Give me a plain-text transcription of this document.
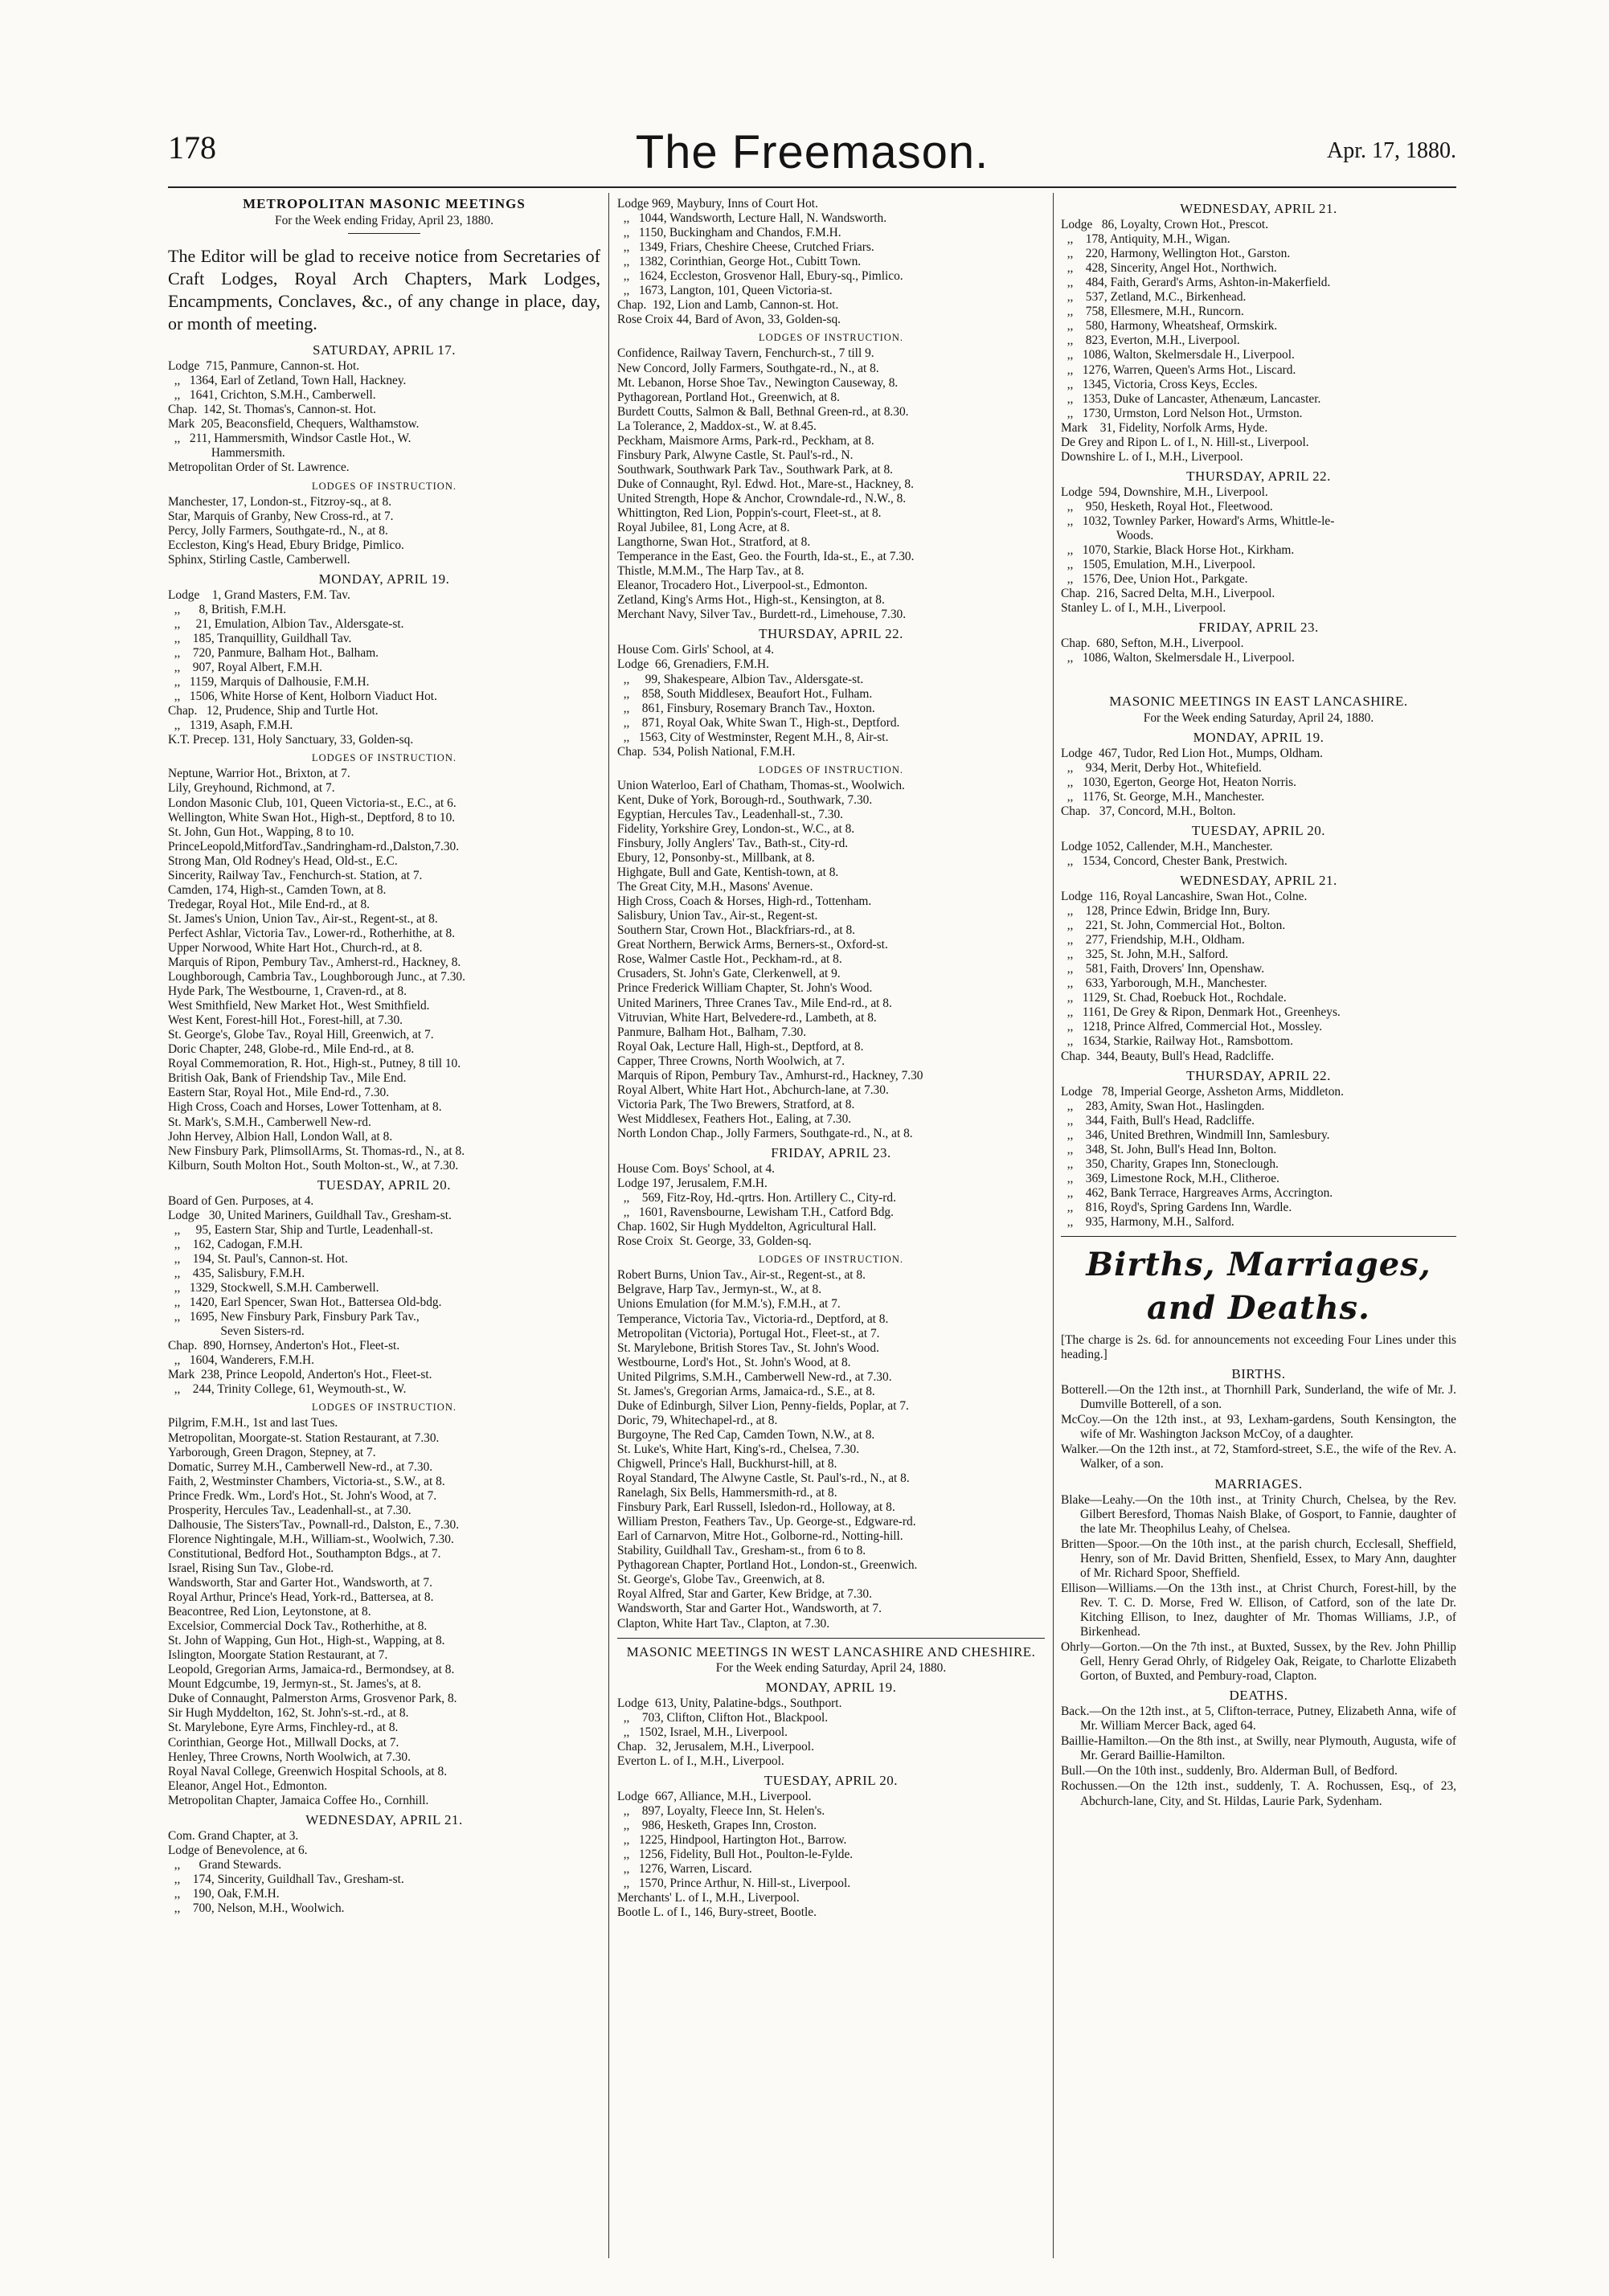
178	The Freemason.	Apr. 17, 1880.
METROPOLITAN MASONIC MEETINGS
For the Week ending Friday, April 23, 1880.
The Editor will be glad to receive notice from Secretaries of Craft Lodges, Royal Arch Chapters, Mark Lodges, Encampments, Conclaves, &c., of any change in place, day, or month of meeting.
SATURDAY, APRIL 17.
Lodge  715, Panmure, Cannon-st. Hot.
,,   1364, Earl of Zetland, Town Hall, Hackney.
,,   1641, Crichton, S.M.H., Camberwell.
Chap.  142, St. Thomas's, Cannon-st. Hot.
Mark  205, Beaconsfield, Chequers, Walthamstow.
,,   211, Hammersmith, Windsor Castle Hot., W.
Hammersmith.
Metropolitan Order of St. Lawrence.
LODGES OF INSTRUCTION.
Manchester, 17, London-st., Fitzroy-sq., at 8.
Star, Marquis of Granby, New Cross-rd., at 7.
Percy, Jolly Farmers, Southgate-rd., N., at 8.
Eccleston, King's Head, Ebury Bridge, Pimlico.
Sphinx, Stirling Castle, Camberwell.
MONDAY, APRIL 19.
Lodge    1, Grand Masters, F.M. Tav.
,,      8, British, F.M.H.
,,     21, Emulation, Albion Tav., Aldersgate-st.
,,    185, Tranquillity, Guildhall Tav.
,,    720, Panmure, Balham Hot., Balham.
,,    907, Royal Albert, F.M.H.
,,   1159, Marquis of Dalhousie, F.M.H.
,,   1506, White Horse of Kent, Holborn Viaduct Hot.
Chap.   12, Prudence, Ship and Turtle Hot.
,,   1319, Asaph, F.M.H.
K.T. Precep. 131, Holy Sanctuary, 33, Golden-sq.
LODGES OF INSTRUCTION.
Neptune, Warrior Hot., Brixton, at 7.
Lily, Greyhound, Richmond, at 7.
London Masonic Club, 101, Queen Victoria-st., E.C., at 6.
Wellington, White Swan Hot., High-st., Deptford, 8 to 10.
St. John, Gun Hot., Wapping, 8 to 10.
PrinceLeopold,MitfordTav.,Sandringham-rd.,Dalston,7.30.
Strong Man, Old Rodney's Head, Old-st., E.C.
Sincerity, Railway Tav., Fenchurch-st. Station, at 7.
Camden, 174, High-st., Camden Town, at 8.
Tredegar, Royal Hot., Mile End-rd., at 8.
St. James's Union, Union Tav., Air-st., Regent-st., at 8.
Perfect Ashlar, Victoria Tav., Lower-rd., Rotherhithe, at 8.
Upper Norwood, White Hart Hot., Church-rd., at 8.
Marquis of Ripon, Pembury Tav., Amherst-rd., Hackney, 8.
Loughborough, Cambria Tav., Loughborough Junc., at 7.30.
Hyde Park, The Westbourne, 1, Craven-rd., at 8.
West Smithfield, New Market Hot., West Smithfield.
West Kent, Forest-hill Hot., Forest-hill, at 7.30.
St. George's, Globe Tav., Royal Hill, Greenwich, at 7.
Doric Chapter, 248, Globe-rd., Mile End-rd., at 8.
Royal Commemoration, R. Hot., High-st., Putney, 8 till 10.
British Oak, Bank of Friendship Tav., Mile End.
Eastern Star, Royal Hot., Mile End-rd., 7.30.
High Cross, Coach and Horses, Lower Tottenham, at 8.
St. Mark's, S.M.H., Camberwell New-rd.
John Hervey, Albion Hall, London Wall, at 8.
New Finsbury Park, PlimsollArms, St. Thomas-rd., N., at 8.
Kilburn, South Molton Hot., South Molton-st., W., at 7.30.
TUESDAY, APRIL 20.
Board of Gen. Purposes, at 4.
Lodge   30, United Mariners, Guildhall Tav., Gresham-st.
,,     95, Eastern Star, Ship and Turtle, Leadenhall-st.
,,    162, Cadogan, F.M.H.
,,    194, St. Paul's, Cannon-st. Hot.
,,    435, Salisbury, F.M.H.
,,   1329, Stockwell, S.M.H. Camberwell.
,,   1420, Earl Spencer, Swan Hot., Battersea Old-bdg.
,,   1695, New Finsbury Park, Finsbury Park Tav.,
Seven Sisters-rd.
Chap.  890, Hornsey, Anderton's Hot., Fleet-st.
,,   1604, Wanderers, F.M.H.
Mark  238, Prince Leopold, Anderton's Hot., Fleet-st.
,,    244, Trinity College, 61, Weymouth-st., W.
LODGES OF INSTRUCTION.
Pilgrim, F.M.H., 1st and last Tues.
Metropolitan, Moorgate-st. Station Restaurant, at 7.30.
Yarborough, Green Dragon, Stepney, at 7.
Domatic, Surrey M.H., Camberwell New-rd., at 7.30.
Faith, 2, Westminster Chambers, Victoria-st., S.W., at 8.
Prince Fredk. Wm., Lord's Hot., St. John's Wood, at 7.
Prosperity, Hercules Tav., Leadenhall-st., at 7.30.
Dalhousie, The Sisters'Tav., Pownall-rd., Dalston, E., 7.30.
Florence Nightingale, M.H., William-st., Woolwich, 7.30.
Constitutional, Bedford Hot., Southampton Bdgs., at 7.
Israel, Rising Sun Tav., Globe-rd.
Wandsworth, Star and Garter Hot., Wandsworth, at 7.
Royal Arthur, Prince's Head, York-rd., Battersea, at 8.
Beacontree, Red Lion, Leytonstone, at 8.
Excelsior, Commercial Dock Tav., Rotherhithe, at 8.
St. John of Wapping, Gun Hot., High-st., Wapping, at 8.
Islington, Moorgate Station Restaurant, at 7.
Leopold, Gregorian Arms, Jamaica-rd., Bermondsey, at 8.
Mount Edgcumbe, 19, Jermyn-st., St. James's, at 8.
Duke of Connaught, Palmerston Arms, Grosvenor Park, 8.
Sir Hugh Myddelton, 162, St. John's-st.-rd., at 8.
St. Marylebone, Eyre Arms, Finchley-rd., at 8.
Corinthian, George Hot., Millwall Docks, at 7.
Henley, Three Crowns, North Woolwich, at 7.30.
Royal Naval College, Greenwich Hospital Schools, at 8.
Eleanor, Angel Hot., Edmonton.
Metropolitan Chapter, Jamaica Coffee Ho., Cornhill.
WEDNESDAY, APRIL 21.
Com. Grand Chapter, at 3.
Lodge of Benevolence, at 6.
,,      Grand Stewards.
,,    174, Sincerity, Guildhall Tav., Gresham-st.
,,    190, Oak, F.M.H.
,,    700, Nelson, M.H., Woolwich.
Lodge 969, Maybury, Inns of Court Hot.
,,   1044, Wandsworth, Lecture Hall, N. Wandsworth.
,,   1150, Buckingham and Chandos, F.M.H.
,,   1349, Friars, Cheshire Cheese, Crutched Friars.
,,   1382, Corinthian, George Hot., Cubitt Town.
,,   1624, Eccleston, Grosvenor Hall, Ebury-sq., Pimlico.
,,   1673, Langton, 101, Queen Victoria-st.
Chap.  192, Lion and Lamb, Cannon-st. Hot.
Rose Croix 44, Bard of Avon, 33, Golden-sq.
LODGES OF INSTRUCTION.
Confidence, Railway Tavern, Fenchurch-st., 7 till 9.
New Concord, Jolly Farmers, Southgate-rd., N., at 8.
Mt. Lebanon, Horse Shoe Tav., Newington Causeway, 8.
Pythagorean, Portland Hot., Greenwich, at 8.
Burdett Coutts, Salmon & Ball, Bethnal Green-rd., at 8.30.
La Tolerance, 2, Maddox-st., W. at 8.45.
Peckham, Maismore Arms, Park-rd., Peckham, at 8.
Finsbury Park, Alwyne Castle, St. Paul's-rd., N.
Southwark, Southwark Park Tav., Southwark Park, at 8.
Duke of Connaught, Ryl. Edwd. Hot., Mare-st., Hackney, 8.
United Strength, Hope & Anchor, Crowndale-rd., N.W., 8.
Whittington, Red Lion, Poppin's-court, Fleet-st., at 8.
Royal Jubilee, 81, Long Acre, at 8.
Langthorne, Swan Hot., Stratford, at 8.
Temperance in the East, Geo. the Fourth, Ida-st., E., at 7.30.
Thistle, M.M.M., The Harp Tav., at 8.
Eleanor, Trocadero Hot., Liverpool-st., Edmonton.
Zetland, King's Arms Hot., High-st., Kensington, at 8.
Merchant Navy, Silver Tav., Burdett-rd., Limehouse, 7.30.
THURSDAY, APRIL 22.
House Com. Girls' School, at 4.
Lodge  66, Grenadiers, F.M.H.
,,     99, Shakespeare, Albion Tav., Aldersgate-st.
,,    858, South Middlesex, Beaufort Hot., Fulham.
,,    861, Finsbury, Rosemary Branch Tav., Hoxton.
,,    871, Royal Oak, White Swan T., High-st., Deptford.
,,   1563, City of Westminster, Regent M.H., 8, Air-st.
Chap.  534, Polish National, F.M.H.
LODGES OF INSTRUCTION.
Union Waterloo, Earl of Chatham, Thomas-st., Woolwich.
Kent, Duke of York, Borough-rd., Southwark, 7.30.
Egyptian, Hercules Tav., Leadenhall-st., 7.30.
Fidelity, Yorkshire Grey, London-st., W.C., at 8.
Finsbury, Jolly Anglers' Tav., Bath-st., City-rd.
Ebury, 12, Ponsonby-st., Millbank, at 8.
Highgate, Bull and Gate, Kentish-town, at 8.
The Great City, M.H., Masons' Avenue.
High Cross, Coach & Horses, High-rd., Tottenham.
Salisbury, Union Tav., Air-st., Regent-st.
Southern Star, Crown Hot., Blackfriars-rd., at 8.
Great Northern, Berwick Arms, Berners-st., Oxford-st.
Rose, Walmer Castle Hot., Peckham-rd., at 8.
Crusaders, St. John's Gate, Clerkenwell, at 9.
Prince Frederick William Chapter, St. John's Wood.
United Mariners, Three Cranes Tav., Mile End-rd., at 8.
Vitruvian, White Hart, Belvedere-rd., Lambeth, at 8.
Panmure, Balham Hot., Balham, 7.30.
Royal Oak, Lecture Hall, High-st., Deptford, at 8.
Capper, Three Crowns, North Woolwich, at 7.
Marquis of Ripon, Pembury Tav., Amhurst-rd., Hackney, 7.30
Royal Albert, White Hart Hot., Abchurch-lane, at 7.30.
Victoria Park, The Two Brewers, Stratford, at 8.
West Middlesex, Feathers Hot., Ealing, at 7.30.
North London Chap., Jolly Farmers, Southgate-rd., N., at 8.
FRIDAY, APRIL 23.
House Com. Boys' School, at 4.
Lodge 197, Jerusalem, F.M.H.
,,    569, Fitz-Roy, Hd.-qrtrs. Hon. Artillery C., City-rd.
,,   1601, Ravensbourne, Lewisham T.H., Catford Bdg.
Chap. 1602, Sir Hugh Myddelton, Agricultural Hall.
Rose Croix  St. George, 33, Golden-sq.
LODGES OF INSTRUCTION.
Robert Burns, Union Tav., Air-st., Regent-st., at 8.
Belgrave, Harp Tav., Jermyn-st., W., at 8.
Unions Emulation (for M.M.'s), F.M.H., at 7.
Temperance, Victoria Tav., Victoria-rd., Deptford, at 8.
Metropolitan (Victoria), Portugal Hot., Fleet-st., at 7.
St. Marylebone, British Stores Tav., St. John's Wood.
Westbourne, Lord's Hot., St. John's Wood, at 8.
United Pilgrims, S.M.H., Camberwell New-rd., at 7.30.
St. James's, Gregorian Arms, Jamaica-rd., S.E., at 8.
Duke of Edinburgh, Silver Lion, Penny-fields, Poplar, at 7.
Doric, 79, Whitechapel-rd., at 8.
Burgoyne, The Red Cap, Camden Town, N.W., at 8.
St. Luke's, White Hart, King's-rd., Chelsea, 7.30.
Chigwell, Prince's Hall, Buckhurst-hill, at 8.
Royal Standard, The Alwyne Castle, St. Paul's-rd., N., at 8.
Ranelagh, Six Bells, Hammersmith-rd., at 8.
Finsbury Park, Earl Russell, Isledon-rd., Holloway, at 8.
William Preston, Feathers Tav., Up. George-st., Edgware-rd.
Earl of Carnarvon, Mitre Hot., Golborne-rd., Notting-hill.
Stability, Guildhall Tav., Gresham-st., from 6 to 8.
Pythagorean Chapter, Portland Hot., London-st., Greenwich.
St. George's, Globe Tav., Greenwich, at 8.
Royal Alfred, Star and Garter, Kew Bridge, at 7.30.
Wandsworth, Star and Garter Hot., Wandsworth, at 7.
Clapton, White Hart Tav., Clapton, at 7.30.
MASONIC MEETINGS IN WEST LANCASHIRE AND CHESHIRE.
For the Week ending Saturday, April 24, 1880.
MONDAY, APRIL 19.
Lodge  613, Unity, Palatine-bdgs., Southport.
,,    703, Clifton, Clifton Hot., Blackpool.
,,   1502, Israel, M.H., Liverpool.
Chap.   32, Jerusalem, M.H., Liverpool.
Everton L. of I., M.H., Liverpool.
TUESDAY, APRIL 20.
Lodge  667, Alliance, M.H., Liverpool.
,,    897, Loyalty, Fleece Inn, St. Helen's.
,,    986, Hesketh, Grapes Inn, Croston.
,,   1225, Hindpool, Hartington Hot., Barrow.
,,   1256, Fidelity, Bull Hot., Poulton-le-Fylde.
,,   1276, Warren, Liscard.
,,   1570, Prince Arthur, N. Hill-st., Liverpool.
Merchants' L. of I., M.H., Liverpool.
Bootle L. of I., 146, Bury-street, Bootle.
WEDNESDAY, APRIL 21.
Lodge   86, Loyalty, Crown Hot., Prescot.
,,    178, Antiquity, M.H., Wigan.
,,    220, Harmony, Wellington Hot., Garston.
,,    428, Sincerity, Angel Hot., Northwich.
,,    484, Faith, Gerard's Arms, Ashton-in-Makerfield.
,,    537, Zetland, M.C., Birkenhead.
,,    758, Ellesmere, M.H., Runcorn.
,,    580, Harmony, Wheatsheaf, Ormskirk.
,,    823, Everton, M.H., Liverpool.
,,   1086, Walton, Skelmersdale H., Liverpool.
,,   1276, Warren, Queen's Arms Hot., Liscard.
,,   1345, Victoria, Cross Keys, Eccles.
,,   1353, Duke of Lancaster, Athenæum, Lancaster.
,,   1730, Urmston, Lord Nelson Hot., Urmston.
Mark    31, Fidelity, Norfolk Arms, Hyde.
De Grey and Ripon L. of I., N. Hill-st., Liverpool.
Downshire L. of I., M.H., Liverpool.
THURSDAY, APRIL 22.
Lodge  594, Downshire, M.H., Liverpool.
,,    950, Hesketh, Royal Hot., Fleetwood.
,,   1032, Townley Parker, Howard's Arms, Whittle-le-
Woods.
,,   1070, Starkie, Black Horse Hot., Kirkham.
,,   1505, Emulation, M.H., Liverpool.
,,   1576, Dee, Union Hot., Parkgate.
Chap.  216, Sacred Delta, M.H., Liverpool.
Stanley L. of I., M.H., Liverpool.
FRIDAY, APRIL 23.
Chap.  680, Sefton, M.H., Liverpool.
,,   1086, Walton, Skelmersdale H., Liverpool.
MASONIC MEETINGS IN EAST LANCASHIRE.
For the Week ending Saturday, April 24, 1880.
MONDAY, APRIL 19.
Lodge  467, Tudor, Red Lion Hot., Mumps, Oldham.
,,    934, Merit, Derby Hot., Whitefield.
,,   1030, Egerton, George Hot, Heaton Norris.
,,   1176, St. George, M.H., Manchester.
Chap.   37, Concord, M.H., Bolton.
TUESDAY, APRIL 20.
Lodge 1052, Callender, M.H., Manchester.
,,   1534, Concord, Chester Bank, Prestwich.
WEDNESDAY, APRIL 21.
Lodge  116, Royal Lancashire, Swan Hot., Colne.
,,    128, Prince Edwin, Bridge Inn, Bury.
,,    221, St. John, Commercial Hot., Bolton.
,,    277, Friendship, M.H., Oldham.
,,    325, St. John, M.H., Salford.
,,    581, Faith, Drovers' Inn, Openshaw.
,,    633, Yarborough, M.H., Manchester.
,,   1129, St. Chad, Roebuck Hot., Rochdale.
,,   1161, De Grey & Ripon, Denmark Hot., Greenheys.
,,   1218, Prince Alfred, Commercial Hot., Mossley.
,,   1634, Starkie, Railway Hot., Ramsbottom.
Chap.  344, Beauty, Bull's Head, Radcliffe.
THURSDAY, APRIL 22.
Lodge   78, Imperial George, Assheton Arms, Middleton.
,,    283, Amity, Swan Hot., Haslingden.
,,    344, Faith, Bull's Head, Radcliffe.
,,    346, United Brethren, Windmill Inn, Samlesbury.
,,    348, St. John, Bull's Head Inn, Bolton.
,,    350, Charity, Grapes Inn, Stoneclough.
,,    369, Limestone Rock, M.H., Clitheroe.
,,    462, Bank Terrace, Hargreaves Arms, Accrington.
,,    816, Royd's, Spring Gardens Inn, Wardle.
,,    935, Harmony, M.H., Salford.
Births, Marriages, and Deaths.
[The charge is 2s. 6d. for announcements not exceeding Four Lines under this heading.]
BIRTHS.
Botterell.—On the 12th inst., at Thornhill Park, Sunderland, the wife of Mr. J. Dumville Botterell, of a son.
McCoy.—On the 12th inst., at 93, Lexham-gardens, South Kensington, the wife of Mr. Washington Jackson McCoy, of a daughter.
Walker.—On the 12th inst., at 72, Stamford-street, S.E., the wife of the Rev. A. Walker, of a son.
MARRIAGES.
Blake—Leahy.—On the 10th inst., at Trinity Church, Chelsea, by the Rev. Gilbert Beresford, Thomas Naish Blake, of Gosport, to Fannie, daughter of the late Mr. Theophilus Leahy, of Chelsea.
Britten—Spoor.—On the 10th inst., at the parish church, Ecclesall, Sheffield, Henry, son of Mr. David Britten, Shenfield, Essex, to Mary Ann, daughter of Mr. Richard Spoor, Sheffield.
Ellison—Williams.—On the 13th inst., at Christ Church, Forest-hill, by the Rev. T. C. D. Morse, Fred W. Ellison, of Catford, son of the late Dr. Kitching Ellison, to Inez, daughter of Mr. Thomas Williams, J.P., of Birkenhead.
Ohrly—Gorton.—On the 7th inst., at Buxted, Sussex, by the Rev. John Phillip Gell, Henry Gerad Ohrly, of Ridgeley Oak, Reigate, to Charlotte Elizabeth Gorton, of Buxted, and Pembury-road, Clapton.
DEATHS.
Back.—On the 12th inst., at 5, Clifton-terrace, Putney, Elizabeth Anna, wife of Mr. William Mercer Back, aged 64.
Baillie-Hamilton.—On the 8th inst., at Swilly, near Plymouth, Augusta, wife of Mr. Gerard Baillie-Hamilton.
Bull.—On the 10th inst., suddenly, Bro. Alderman Bull, of Bedford.
Rochussen.—On the 12th inst., suddenly, T. A. Rochussen, Esq., of 23, Abchurch-lane, City, and St. Hildas, Laurie Park, Sydenham.
